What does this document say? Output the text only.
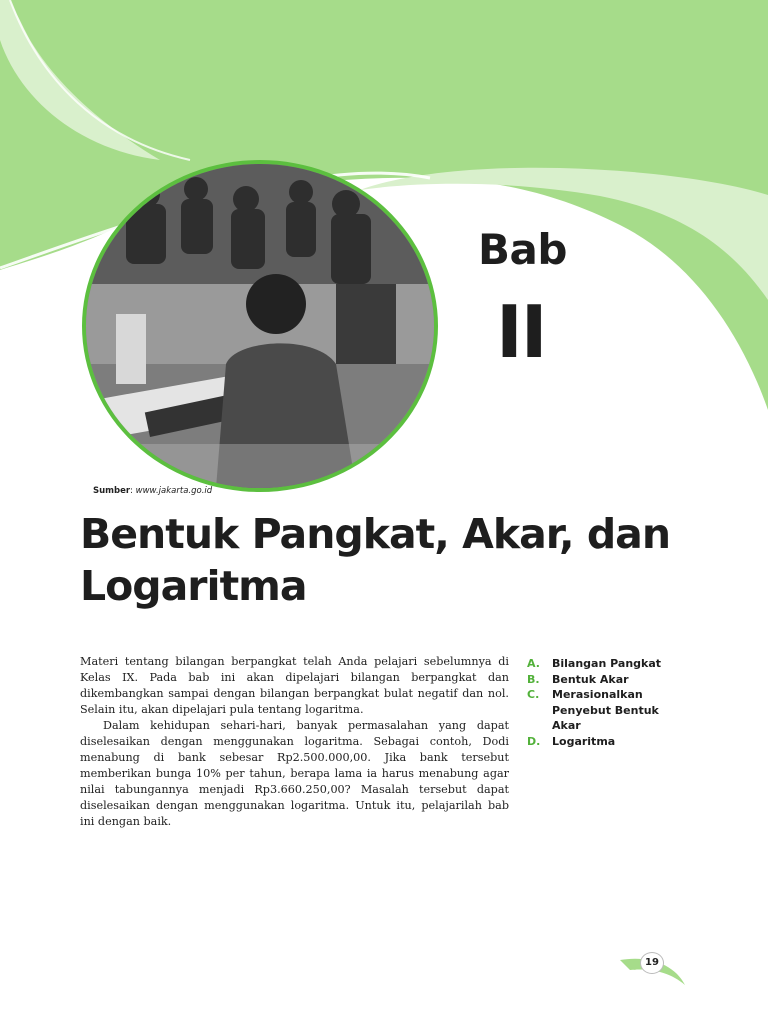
Sumber: www.jakarta.go.id
Bab
II
Bentuk Pangkat, Akar, dan Logaritma

Materi tentang bilangan berpangkat telah Anda pelajari sebelumnya di Kelas IX. Pada bab ini akan dipelajari bilangan berpangkat dan dikembangkan sampai dengan bilangan berpangkat bulat negatif dan nol. Selain itu, akan dipelajari pula tentang logaritma.

Dalam kehidupan sehari-hari, banyak permasalahan yang dapat diselesaikan dengan menggunakan logaritma. Sebagai contoh, Dodi menabung di bank sebesar Rp2.500.000,00. Jika bank tersebut memberikan bunga 10% per tahun, berapa lama ia harus menabung agar nilai tabungannya menjadi Rp3.660.250,00? Masalah tersebut dapat diselesaikan dengan menggunakan logaritma. Untuk itu, pelajarilah bab ini dengan baik.

A.	Bilangan Pangkat
B.	Bentuk Akar
C.	Merasionalkan Penyebut Bentuk Akar
D.	Logaritma
19
